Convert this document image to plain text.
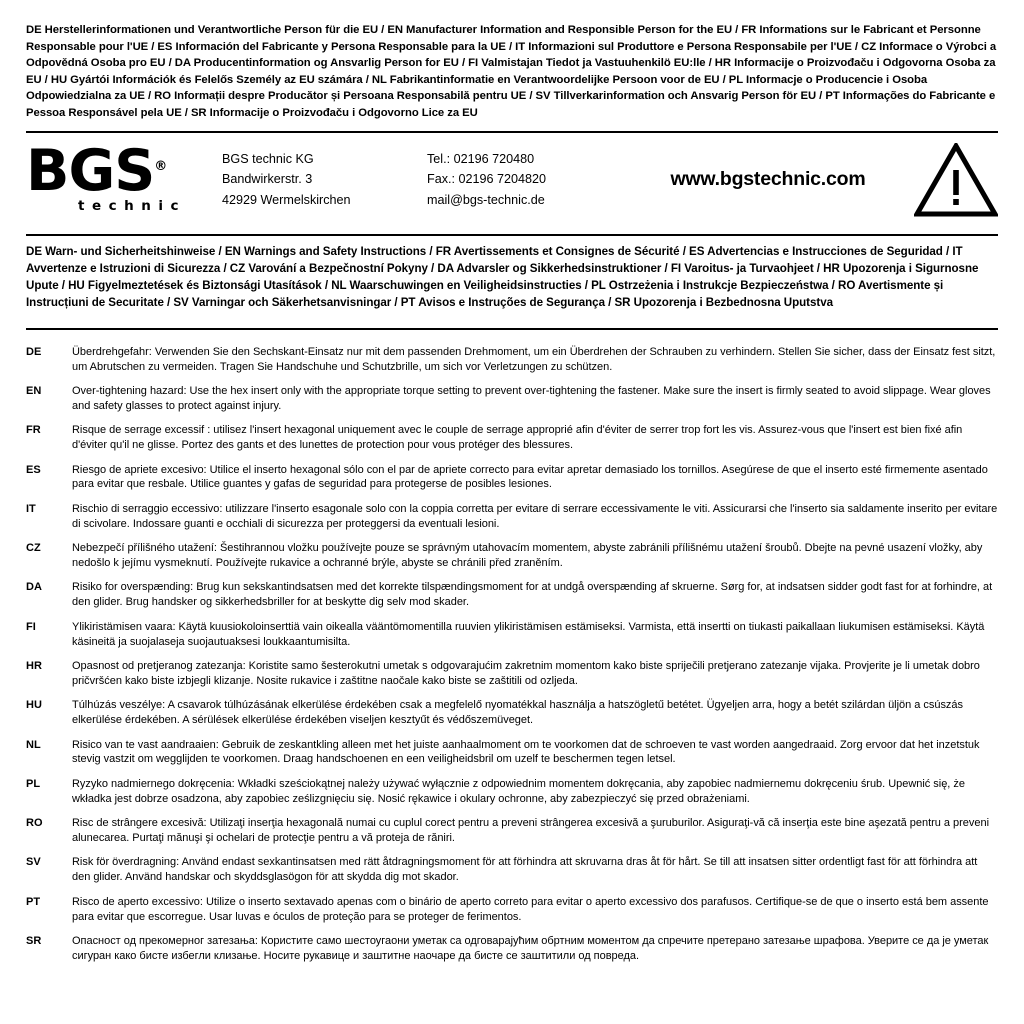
DE Herstellerinformationen und Verantwortliche Person für die EU / EN Manufacturer Information and Responsible Person for the EU / FR Informations sur le Fabricant et Personne Responsable pour l'UE / ES Información del Fabricante y Persona Responsable para la UE / IT Informazioni sul Produttore e Persona Responsabile per l'UE / CZ Informace o Výrobci a Odpovědná Osoba pro EU / DA Producentinformation og Ansvarlig Person for EU / FI Valmistajan Tiedot ja Vastuuhenkilö EU:lle / HR Informacije o Proizvođaču i Odgovorna Osoba za EU / HU Gyártói Információk és Felelős Személy az EU számára / NL Fabrikantinformatie en Verantwoordelijke Persoon voor de EU / PL Informacje o Producencie i Osoba Odpowiedzialna za UE / RO Informații despre Producător și Persoana Responsabilă pentru UE / SV Tillverkarinformation och Ansvarig Person för EU / PT Informações do Fabricante e Pessoa Responsável pela UE / SR Informacije o Proizvođaču i Odgovorno Lice za EU
BGS®
technic
BGS technic KG
Bandwirkerstr. 3
42929 Wermelskirchen
Tel.: 02196 720480
Fax.: 02196 7204820
mail@bgs-technic.de
www.bgstechnic.com
DE Warn- und Sicherheitshinweise / EN Warnings and Safety Instructions / FR Avertissements et Consignes de Sécurité / ES Advertencias e Instrucciones de Seguridad / IT Avvertenze e Istruzioni di Sicurezza / CZ Varování a Bezpečnostní Pokyny / DA Advarsler og Sikkerhedsinstruktioner / FI Varoitus- ja Turvaohjeet / HR Upozorenja i Sigurnosne Upute / HU Figyelmeztetések és Biztonsági Utasítások / NL Waarschuwingen en Veiligheidsinstructies / PL Ostrzeżenia i Instrukcje Bezpieczeństwa / RO Avertismente și Instrucțiuni de Securitate / SV Varningar och Säkerhetsanvisningar / PT Avisos e Instruções de Segurança / SR Upozorenja i Bezbednosna Uputstva
DE	Überdrehgefahr: Verwenden Sie den Sechskant-Einsatz nur mit dem passenden Drehmoment, um ein Überdrehen der Schrauben zu verhindern. Stellen Sie sicher, dass der Einsatz fest sitzt, um Abrutschen zu vermeiden. Tragen Sie Handschuhe und Schutzbrille, um sich vor Verletzungen zu schützen.
EN	Over-tightening hazard: Use the hex insert only with the appropriate torque setting to prevent over-tightening the fastener. Make sure the insert is firmly seated to avoid slippage. Wear gloves and safety glasses to protect against injury.
FR	Risque de serrage excessif : utilisez l'insert hexagonal uniquement avec le couple de serrage approprié afin d'éviter de serrer trop fort les vis. Assurez-vous que l'insert est bien fixé afin d'éviter qu'il ne glisse. Portez des gants et des lunettes de protection pour vous protéger des blessures.
ES	Riesgo de apriete excesivo: Utilice el inserto hexagonal sólo con el par de apriete correcto para evitar apretar demasiado los tornillos. Asegúrese de que el inserto esté firmemente asentado para evitar que resbale. Utilice guantes y gafas de seguridad para protegerse de posibles lesiones.
IT	Rischio di serraggio eccessivo: utilizzare l'inserto esagonale solo con la coppia corretta per evitare di serrare eccessivamente le viti. Assicurarsi che l'inserto sia saldamente inserito per evitare di scivolare. Indossare guanti e occhiali di sicurezza per proteggersi da eventuali lesioni.
CZ	Nebezpečí přílišného utažení: Šestihrannou vložku používejte pouze se správným utahovacím momentem, abyste zabránili přílišnému utažení šroubů. Dbejte na pevné usazení vložky, aby nedošlo k jejímu vysmeknutí. Používejte rukavice a ochranné brýle, abyste se chránili před zraněním.
DA	Risiko for overspænding: Brug kun sekskantindsatsen med det korrekte tilspændingsmoment for at undgå overspænding af skruerne. Sørg for, at indsatsen sidder godt fast for at forhindre, at den glider. Brug handsker og sikkerhedsbriller for at beskytte dig selv mod skader.
FI	Ylikiristämisen vaara: Käytä kuusiokoloinserttiä vain oikealla vääntömomentilla ruuvien ylikiristämisen estämiseksi. Varmista, että insertti on tiukasti paikallaan liukumisen estämiseksi. Käytä käsineitä ja suojalaseja suojautuaksesi loukkaantumisilta.
HR	Opasnost od pretjeranog zatezanja: Koristite samo šesterokutni umetak s odgovarajućim zakretnim momentom kako biste spriječili pretjerano zatezanje vijaka. Provjerite je li umetak dobro pričvršćen kako biste izbjegli klizanje. Nosite rukavice i zaštitne naočale kako biste se zaštitili od ozljeda.
HU	Túlhúzás veszélye: A csavarok túlhúzásának elkerülése érdekében csak a megfelelő nyomatékkal használja a hatszögletű betétet. Ügyeljen arra, hogy a betét szilárdan üljön a csúszás elkerülése érdekében. A sérülések elkerülése érdekében viseljen kesztyűt és védőszemüveget.
NL	Risico van te vast aandraaien: Gebruik de zeskantkling alleen met het juiste aanhaalmoment om te voorkomen dat de schroeven te vast worden aangedraaid. Zorg ervoor dat het inzetstuk stevig vastzit om wegglijden te voorkomen. Draag handschoenen en een veiligheidsbril om uzelf te beschermen tegen letsel.
PL	Ryzyko nadmiernego dokręcenia: Wkładki sześciokątnej należy używać wyłącznie z odpowiednim momentem dokręcania, aby zapobiec nadmiernemu dokręceniu śrub. Upewnić się, że wkładka jest dobrze osadzona, aby zapobiec ześlizgnięciu się. Nosić rękawice i okulary ochronne, aby zabezpieczyć się przed obrażeniami.
RO	Risc de strângere excesivă: Utilizaţi inserţia hexagonală numai cu cuplul corect pentru a preveni strângerea excesivă a şuruburilor. Asiguraţi-vă că inserţia este bine aşezată pentru a preveni alunecarea. Purtaţi mănuşi şi ochelari de protecţie pentru a vă proteja de răniri.
SV	Risk för överdragning: Använd endast sexkantinsatsen med rätt åtdragningsmoment för att förhindra att skruvarna dras åt för hårt. Se till att insatsen sitter ordentligt fast för att förhindra att den glider. Använd handskar och skyddsglasögon för att skydda dig mot skador.
PT	Risco de aperto excessivo: Utilize o inserto sextavado apenas com o binário de aperto correto para evitar o aperto excessivo dos parafusos. Certifique-se de que o inserto está bem assente para evitar que escorregue. Usar luvas e óculos de proteção para se proteger de ferimentos.
SR	Опасност од прекомерног затезања: Користите само шестоугаони уметак са одговарајућим обртним моментом да спречите претерано затезање шрафова. Уверите се да је уметак сигуран како бисте избегли клизање. Носите рукавице и заштитне наочаре да бисте се заштитили од повреда.
